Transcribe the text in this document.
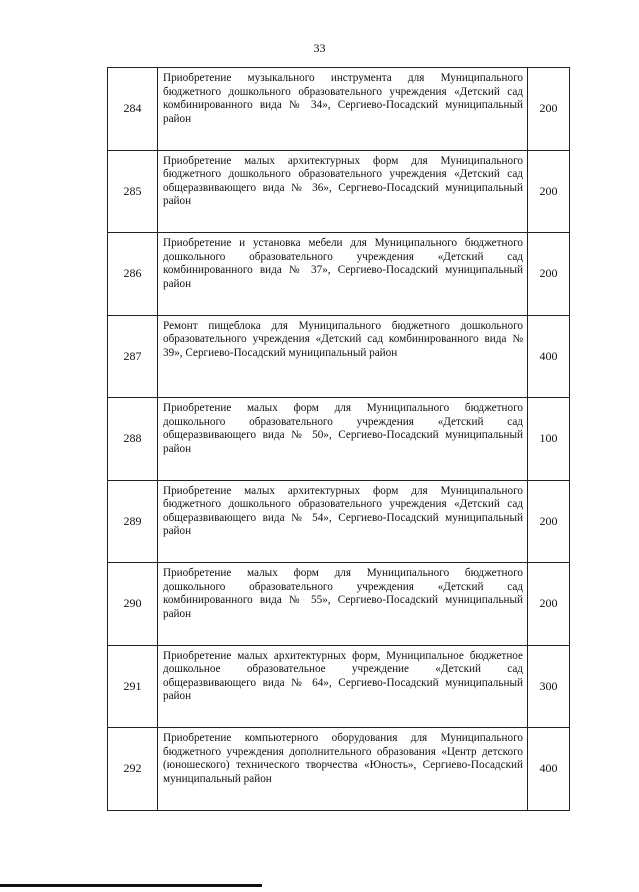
33
284	Приобретение музыкального инструмента для Муниципального бюджетного дошкольного образовательного учреждения «Детский сад комбинированного вида № 34», Сергиево-Посадский муниципальный район	200
285	Приобретение малых архитектурных форм для Муниципального бюджетного дошкольного образовательного учреждения «Детский сад общеразвивающего вида № 36», Сергиево-Посадский муниципальный район	200
286	Приобретение и установка мебели для Муниципального бюджетного дошкольного образовательного учреждения «Детский сад комбинированного вида № 37», Сергиево-Посадский муниципальный район	200
287	Ремонт пищеблока для Муниципального бюджетного дошкольного образовательного учреждения «Детский сад комбинированного вида № 39», Сергиево-Посадский муниципальный район	400
288	Приобретение малых форм для Муниципального бюджетного дошкольного образовательного учреждения «Детский сад общеразвивающего вида № 50», Сергиево-Посадский муниципальный район	100
289	Приобретение малых архитектурных форм для Муниципального бюджетного дошкольного образовательного учреждения «Детский сад общеразвивающего вида № 54», Сергиево-Посадский муниципальный район	200
290	Приобретение малых форм для Муниципального бюджетного дошкольного образовательного учреждения «Детский сад комбинированного вида № 55», Сергиево-Посадский муниципальный район	200
291	Приобретение малых архитектурных форм, Муниципальное бюджетное дошкольное образовательное учреждение «Детский сад общеразвивающего вида № 64», Сергиево-Посадский муниципальный район	300
292	Приобретение компьютерного оборудования для Муниципального бюджетного учреждения дополнительного образования «Центр детского (юношеского) технического творчества «Юность», Сергиево-Посадский муниципальный район	400
